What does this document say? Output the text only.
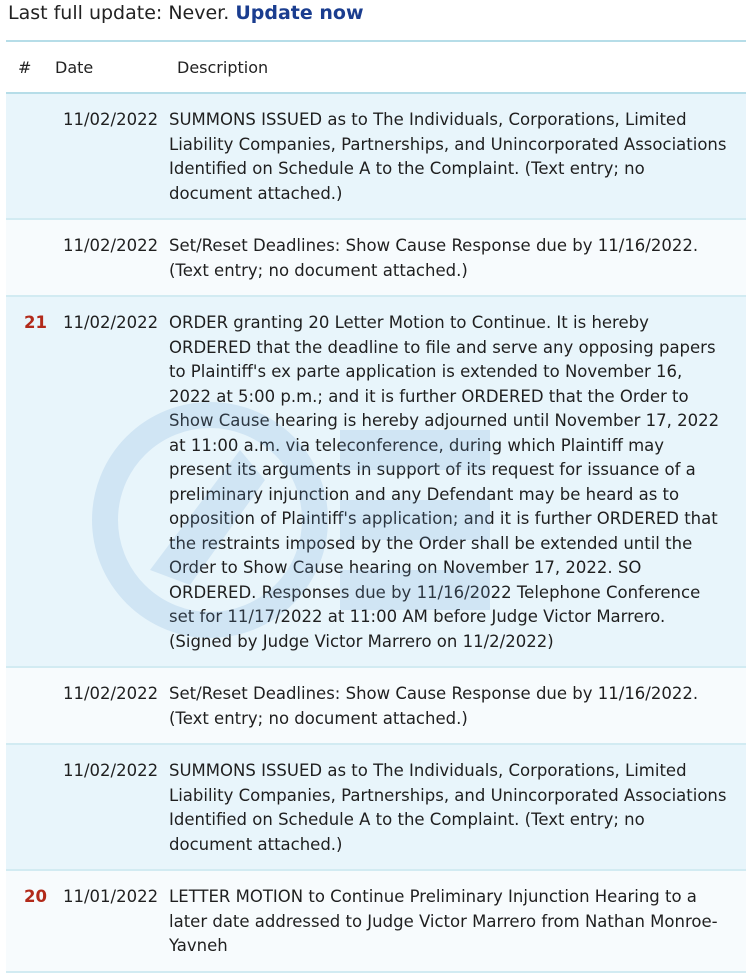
Last full update: Never. Update now
#	Date	Description
11/02/2022 SUMMONS ISSUED as to The Individuals, Corporations, Limited Liability Companies, Partnerships, and Unincorporated Associations Identified on Schedule A to the Complaint. (Text entry; no document attached.)
11/02/2022 Set/Reset Deadlines: Show Cause Response due by 11/16/2022. (Text entry; no document attached.)
21 11/02/2022 ORDER granting 20 Letter Motion to Continue. It is hereby ORDERED that the deadline to file and serve any opposing papers to Plaintiff's ex parte application is extended to November 16, 2022 at 5:00 p.m.; and it is further ORDERED that the Order to Show Cause hearing is hereby adjourned until November 17, 2022 at 11:00 a.m. via teleconference, during which Plaintiff may present its arguments in support of its request for issuance of a preliminary injunction and any Defendant may be heard as to opposition of Plaintiff's application; and it is further ORDERED that the restraints imposed by the Order shall be extended until the Order to Show Cause hearing on November 17, 2022. SO ORDERED. Responses due by 11/16/2022 Telephone Conference set for 11/17/2022 at 11:00 AM before Judge Victor Marrero. (Signed by Judge Victor Marrero on 11/2/2022)
11/02/2022 Set/Reset Deadlines: Show Cause Response due by 11/16/2022. (Text entry; no document attached.)
11/02/2022 SUMMONS ISSUED as to The Individuals, Corporations, Limited Liability Companies, Partnerships, and Unincorporated Associations Identified on Schedule A to the Complaint. (Text entry; no document attached.)
20 11/01/2022 LETTER MOTION to Continue Preliminary Injunction Hearing to a later date addressed to Judge Victor Marrero from Nathan Monroe-Yavneh
